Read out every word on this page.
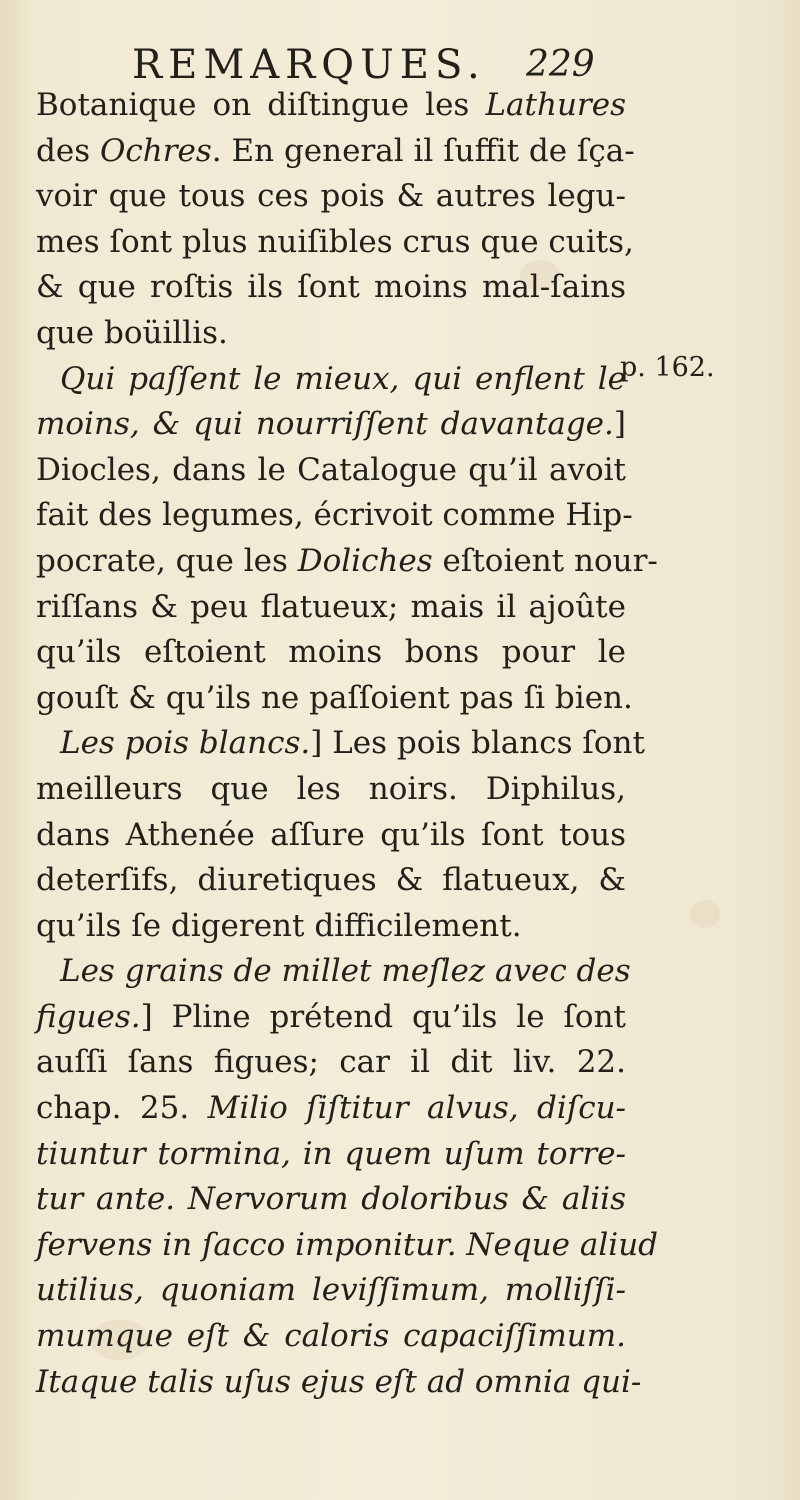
REMARQUES. 229
p. 162.
Botanique on diſtingue les Lathures
des Ochres. En general il ſuffit de ſça-
voir que tous ces pois & autres legu-
mes ſont plus nuiſibles crus que cuits,
& que roſtis ils ſont moins mal-ſains
que boüillis.
Qui paſſent le mieux, qui enflent le
moins, & qui nourriſſent davantage.]
Diocles, dans le Catalogue qu’il avoit
fait des legumes, écrivoit comme Hip-
pocrate, que les Doliches eſtoient nour-
riſſans & peu flatueux; mais il ajoûte
qu’ils eſtoient moins bons pour le
gouſt & qu’ils ne paſſoient pas ſi bien.
Les pois blancs.] Les pois blancs ſont
meilleurs que les noirs. Diphilus,
dans Athenée aſſure qu’ils ſont tous
deterſifs, diuretiques & flatueux, &
qu’ils ſe digerent difficilement.
Les grains de millet meſlez avec des
figues.] Pline prétend qu’ils le ſont
auſſi ſans figues; car il dit liv. 22.
chap. 25. Milio ſiſtitur alvus, diſcu-
tiuntur tormina, in quem uſum torre-
tur ante. Nervorum doloribus & aliis
fervens in ſacco imponitur. Neque aliud
utilius, quoniam leviſſimum, molliſſi-
mumque eſt & caloris capaciſſimum.
Itaque talis uſus ejus eſt ad omnia qui-
